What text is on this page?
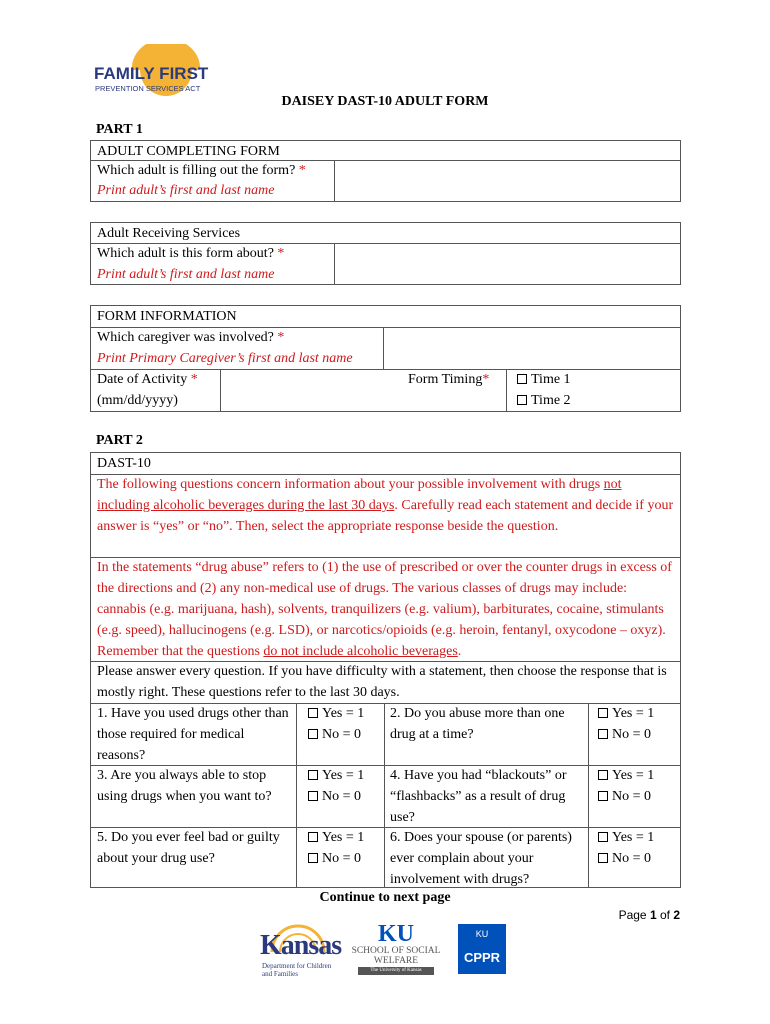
FAMILY FIRST
PREVENTION SERVICES ACT
DAISEY DAST-10 ADULT FORM
PART 1
ADULT COMPLETING FORM
Which adult is filling out the form? *
Print adult’s first and last name
Adult Receiving Services
Which adult is this form about? *
Print adult’s first and last name
FORM INFORMATION
Which caregiver was involved? *
Print Primary Caregiver’s first and last name
Date of Activity *
(mm/dd/yyyy)
Form Timing*	Time 1
Time 2
PART 2
DAST-10
The following questions concern information about your possible involvement with drugs not including alcoholic beverages during the last 30 days. Carefully read each statement and decide if your answer is “yes” or “no”. Then, select the appropriate response beside the question.
In the statements “drug abuse” refers to (1) the use of prescribed or over the counter drugs in excess of the directions and (2) any non-medical use of drugs. The various classes of drugs may include: cannabis (e.g. marijuana, hash), solvents, tranquilizers (e.g. valium), barbiturates, cocaine, stimulants (e.g. speed), hallucinogens (e.g. LSD), or narcotics/opioids (e.g. heroin, fentanyl, oxycodone – oxyz). Remember that the questions do not include alcoholic beverages.
Please answer every question. If you have difficulty with a statement, then choose the response that is mostly right. These questions refer to the last 30 days.
1. Have you used drugs other than those required for medical reasons?
Yes = 1
No = 0
2. Do you abuse more than one drug at a time?
Yes = 1
No = 0
3. Are you always able to stop using drugs when you want to?
Yes = 1
No = 0
4. Have you had “blackouts” or “flashbacks” as a result of drug use?
Yes = 1
No = 0
5. Do you ever feel bad or guilty about your drug use?
Yes = 1
No = 0
6. Does your spouse (or parents) ever complain about your involvement with drugs?
Yes = 1
No = 0
Continue to next page
Page 1 of 2
Kansas
Department for Children and Families
KU
SCHOOL OF SOCIAL WELFARE
The University of Kansas
KU
CPPR
